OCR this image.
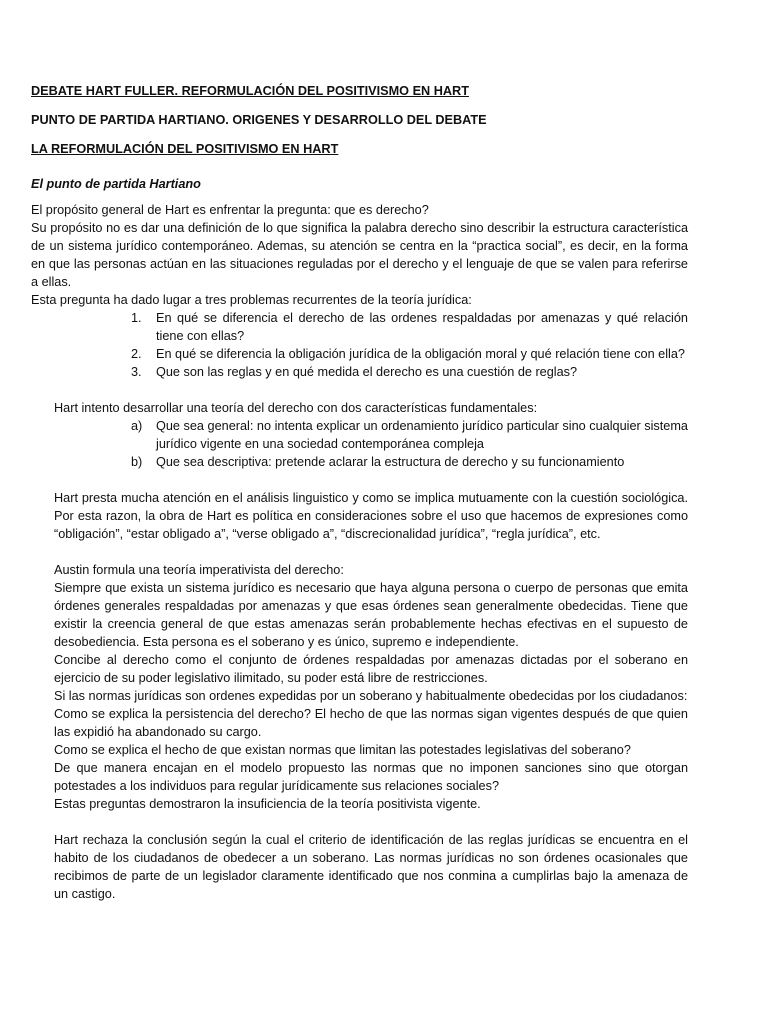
DEBATE HART FULLER. REFORMULACIÓN DEL POSITIVISMO EN HART

PUNTO DE PARTIDA HARTIANO. ORIGENES Y DESARROLLO DEL DEBATE

LA REFORMULACIÓN DEL POSITIVISMO EN HART

El punto de partida Hartiano

El propósito general de Hart es enfrentar la pregunta: que es derecho?

Su propósito no es dar una definición de lo que significa la palabra derecho sino describir la estructura característica de un sistema jurídico contemporáneo. Ademas, su atención se centra en la “practica social”, es decir, en la forma en que las personas actúan en las situaciones reguladas por el derecho y el lenguaje de que se valen para referirse a ellas.

Esta pregunta ha dado lugar a tres problemas recurrentes de la teoría jurídica:

1. En qué se diferencia el derecho de las ordenes respaldadas por amenazas y qué relación tiene con ellas?
2. En qué se diferencia la obligación jurídica de la obligación moral y qué relación tiene con ella?
3. Que son las reglas y en qué medida el derecho es una cuestión de reglas?

Hart intento desarrollar una teoría del derecho con dos características fundamentales:

a) Que sea general: no intenta explicar un ordenamiento jurídico particular sino cualquier sistema jurídico vigente en una sociedad contemporánea compleja
b) Que sea descriptiva: pretende aclarar la estructura de derecho y su funcionamiento

Hart presta mucha atención en el análisis linguistico y como se implica mutuamente con la cuestión sociológica. Por esta razon, la obra de Hart es política en consideraciones sobre el uso que hacemos de expresiones como “obligación”, “estar obligado a”, “verse obligado a”, “discrecionalidad jurídica”, “regla jurídica”, etc.

Austin formula una teoría imperativista del derecho:

Siempre que exista un sistema jurídico es necesario que haya alguna persona o cuerpo de personas que emita órdenes generales respaldadas por amenazas y que esas órdenes sean generalmente obedecidas. Tiene que existir la creencia general de que estas amenazas serán probablemente hechas efectivas en el supuesto de desobediencia. Esta persona es el soberano y es único, supremo e independiente.

Concibe al derecho como el conjunto de órdenes respaldadas por amenazas dictadas por el soberano en ejercicio de su poder legislativo ilimitado, su poder está libre de restricciones.

Si las normas jurídicas son ordenes expedidas por un soberano y habitualmente obedecidas por los ciudadanos:

Como se explica la persistencia del derecho? El hecho de que las normas sigan vigentes después de que quien las expidió ha abandonado su cargo.

Como se explica el hecho de que existan normas que limitan las potestades legislativas del soberano?

De que manera encajan en el modelo propuesto las normas que no imponen sanciones sino que otorgan potestades a los individuos para regular jurídicamente sus relaciones sociales?

Estas preguntas demostraron la insuficiencia de la teoría positivista vigente.

Hart rechaza la conclusión según la cual el criterio de identificación de las reglas jurídicas se encuentra en el habito de los ciudadanos de obedecer a un soberano. Las normas jurídicas no son órdenes ocasionales que recibimos de parte de un legislador claramente identificado que nos conmina a cumplirlas bajo la amenaza de un castigo.
